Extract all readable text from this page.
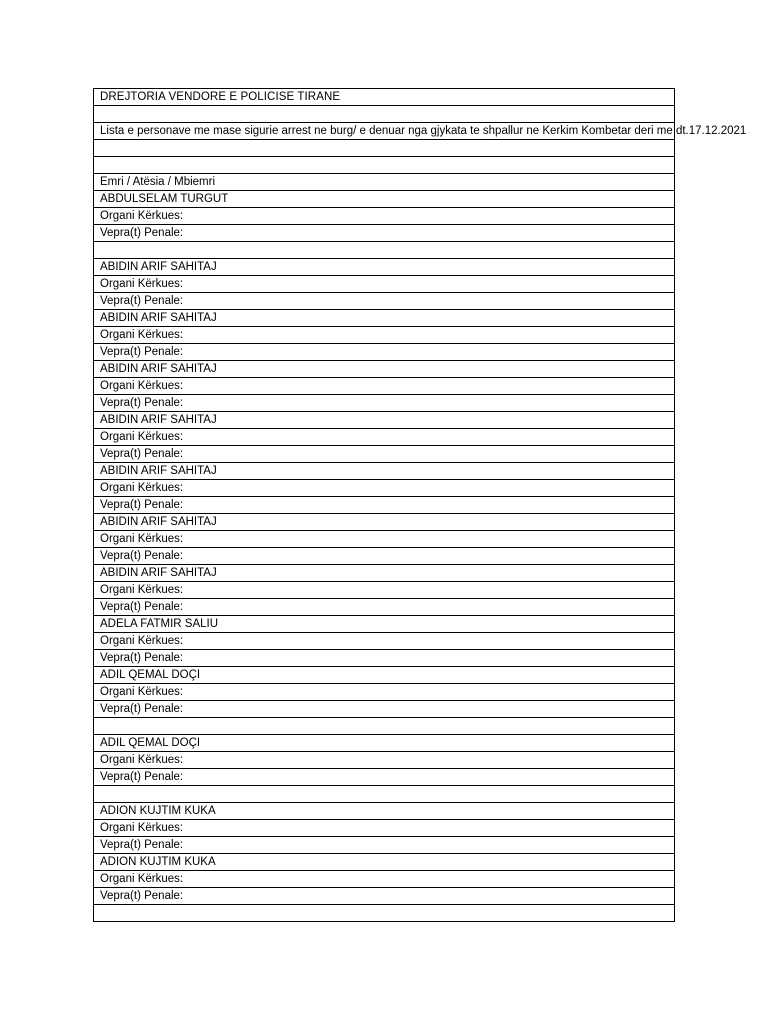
DREJTORIA VENDORE E POLICISE TIRANE

Lista e personave me mase sigurie arrest ne burg/ e denuar nga gjykata te shpallur ne Kerkim Kombetar deri me dt.17.12.2021

Emri / Atësia / Mbiemri
ABDULSELAM TURGUT
Organi Kërkues:
Vepra(t) Penale:

ABIDIN ARIF SAHITAJ
Organi Kërkues:
Vepra(t) Penale:
ABIDIN ARIF SAHITAJ
Organi Kërkues:
Vepra(t) Penale:
ABIDIN ARIF SAHITAJ
Organi Kërkues:
Vepra(t) Penale:
ABIDIN ARIF SAHITAJ
Organi Kërkues:
Vepra(t) Penale:
ABIDIN ARIF SAHITAJ
Organi Kërkues:
Vepra(t) Penale:
ABIDIN ARIF SAHITAJ
Organi Kërkues:
Vepra(t) Penale:
ABIDIN ARIF SAHITAJ
Organi Kërkues:
Vepra(t) Penale:
ADELA FATMIR SALIU
Organi Kërkues:
Vepra(t) Penale:
ADIL QEMAL DOÇI
Organi Kërkues:
Vepra(t) Penale:

ADIL QEMAL DOÇI
Organi Kërkues:
Vepra(t) Penale:

ADION KUJTIM KUKA
Organi Kërkues:
Vepra(t) Penale:
ADION KUJTIM KUKA
Organi Kërkues:
Vepra(t) Penale:
